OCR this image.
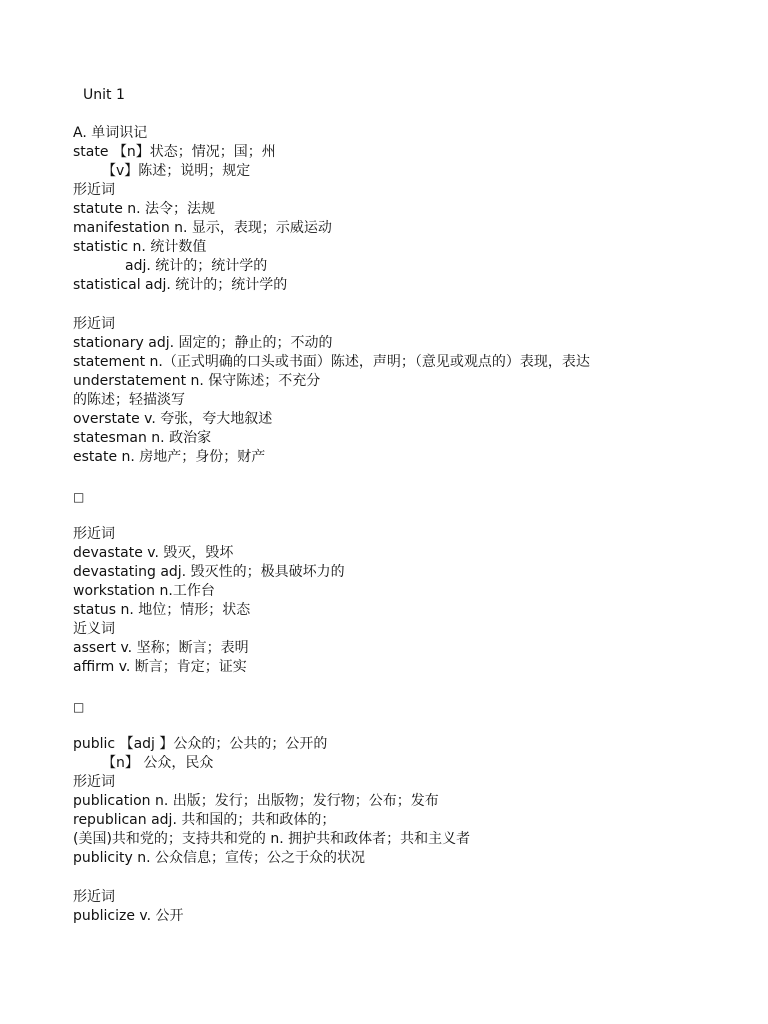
Unit 1
A. 单词识记
state 【n】状态；情况；国；州
【v】陈述；说明；规定
形近词
statute n. 法令；法规
manifestation n. 显示，表现；示威运动
statistic n. 统计数值
adj. 统计的；统计学的
statistical adj. 统计的；统计学的
形近词
stationary adj. 固定的；静止的；不动的
statement n.（正式明确的口头或书面）陈述，声明；（意见或观点的）表现，表达
understatement n. 保守陈述；不充分
的陈述；轻描淡写
overstate v. 夸张，夸大地叙述
statesman n. 政治家
estate n. 房地产；身份；财产
□
形近词
devastate v. 毁灭，毁坏
devastating adj. 毁灭性的；极具破坏力的
workstation n.工作台
status n. 地位；情形；状态
近义词
assert v. 坚称；断言；表明
affirm v. 断言；肯定；证实
□
public 【adj 】公众的；公共的；公开的
【n】 公众，民众
形近词
publication n. 出版；发行；出版物；发行物；公布；发布
republican adj. 共和国的；共和政体的；
(美国)共和党的；支持共和党的 n. 拥护共和政体者；共和主义者
publicity n. 公众信息；宣传；公之于众的状况
形近词
publicize v. 公开
